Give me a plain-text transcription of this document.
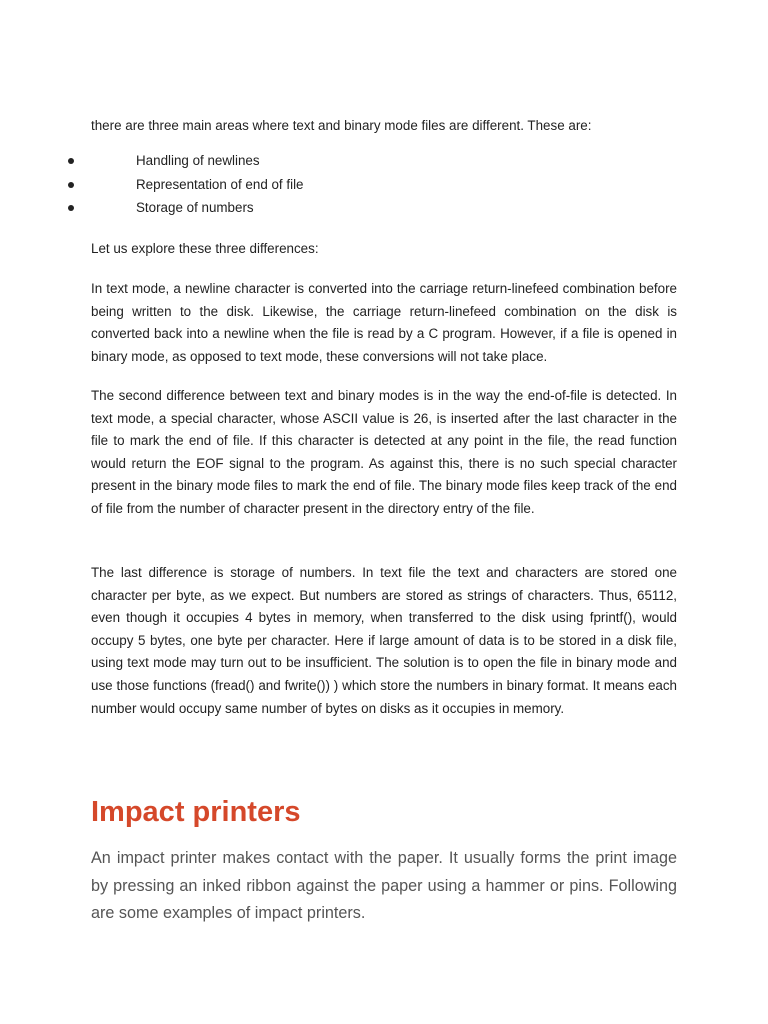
there are three main areas where text and binary mode files are different. These are:

Handling of newlines
Representation of end of file
Storage of numbers

Let us explore these three differences:

In text mode, a newline character is converted into the carriage return-linefeed combination before being written to the disk. Likewise, the carriage return-linefeed combination on the disk is converted back into a newline when the file is read by a C program. However, if a file is opened in binary mode, as opposed to text mode, these conversions will not take place.

The second difference between text and binary modes is in the way the end-of-file is detected. In text mode, a special character, whose ASCII value is 26, is inserted after the last character in the file to mark the end of file. If this character is detected at any point in the file, the read function would return the EOF signal to the program. As against this, there is no such special character present in the binary mode files to mark the end of file. The binary mode files keep track of the end of file from the number of character present in the directory entry of the file.

The last difference is storage of numbers. In text file the text and characters are stored one character per byte, as we expect. But numbers are stored as strings of characters. Thus, 65112, even though it occupies 4 bytes in memory, when transferred to the disk using fprintf(), would occupy 5 bytes, one byte per character. Here if large amount of data is to be stored in a disk file, using text mode may turn out to be insufficient. The solution is to open the file in binary mode and use those functions (fread() and fwrite()) ) which store the numbers in binary format. It means each number would occupy same number of bytes on disks as it occupies in memory.

Impact printers

An impact printer makes contact with the paper. It usually forms the print image by pressing an inked ribbon against the paper using a hammer or pins. Following are some examples of impact printers.
